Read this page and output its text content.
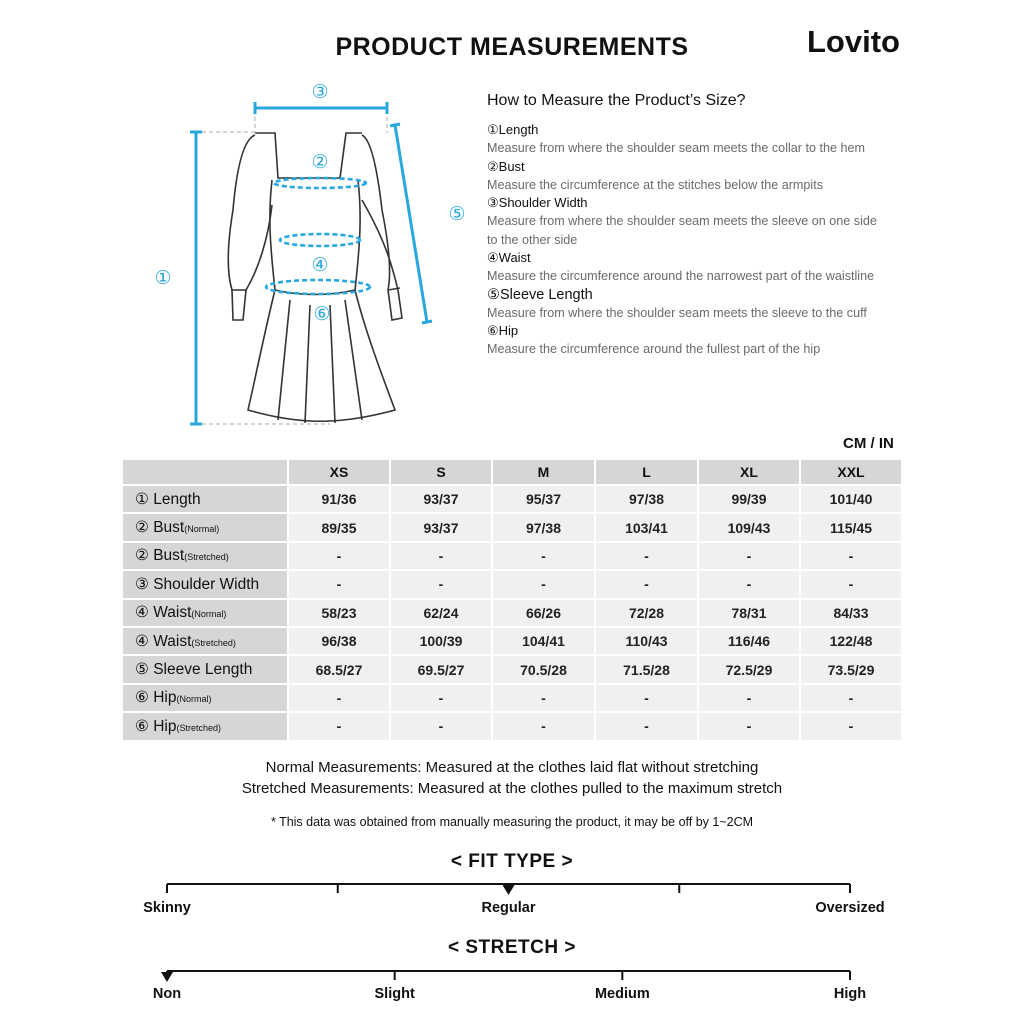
PRODUCT MEASUREMENTS	Lovito
①
②
③
④
⑤
⑥
How to Measure the Product’s Size?
①Length
Measure from where the shoulder seam meets the collar to the hem
②Bust
Measure the circumference at the stitches below the armpits
③Shoulder Width
Measure from where the shoulder seam meets the sleeve on one side to the other side
④Waist
Measure the circumference around the narrowest part of the waistline
⑤Sleeve Length
Measure from where the shoulder seam meets the sleeve to the cuff
⑥Hip
Measure the circumference around the fullest part of the hip
CM / IN
	XS	S	M	L	XL	XXL
① Length	91/36	93/37	95/37	97/38	99/39	101/40
② Bust(Normal)	89/35	93/37	97/38	103/41	109/43	115/45
② Bust(Stretched)	-	-	-	-	-	-
③ Shoulder Width	-	-	-	-	-	-
④ Waist(Normal)	58/23	62/24	66/26	72/28	78/31	84/33
④ Waist(Stretched)	96/38	100/39	104/41	110/43	116/46	122/48
⑤ Sleeve Length	68.5/27	69.5/27	70.5/28	71.5/28	72.5/29	73.5/29
⑥ Hip(Normal)	-	-	-	-	-	-
⑥ Hip(Stretched)	-	-	-	-	-	-
Normal Measurements: Measured at the clothes laid flat without stretching
Stretched Measurements: Measured at the clothes pulled to the maximum stretch
* This data was obtained from manually measuring the product, it may be off by 1~2CM
< FIT TYPE >
Skinny	Regular	Oversized
< STRETCH >
Non	Slight	Medium	High
